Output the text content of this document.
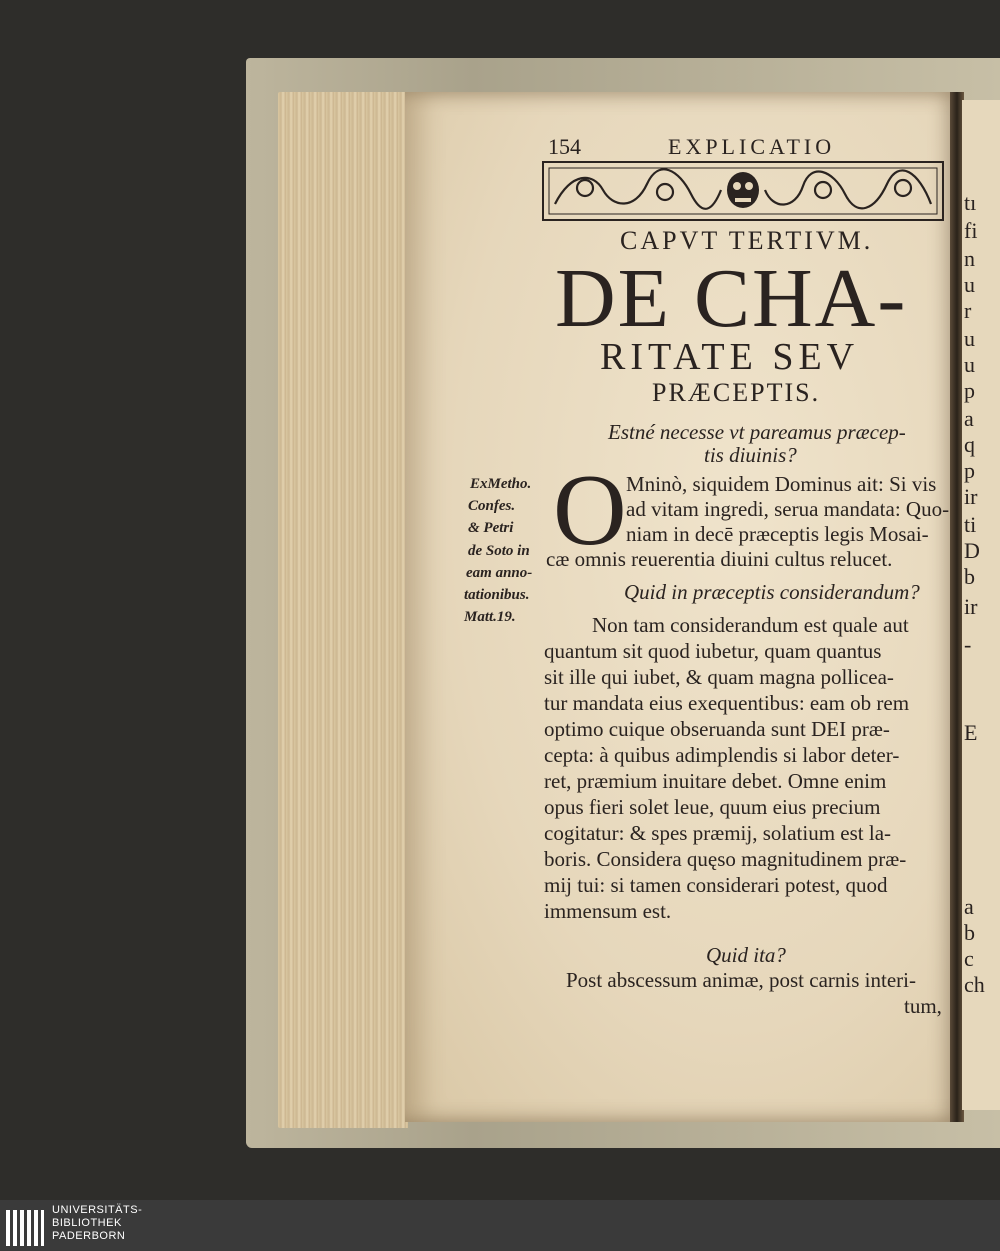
tı
fi
n
u
r
u
u
p
a
q
p
ir
ti
D
b
ir
-
E
a
b
c
ch
154	EXPLICATIO
CAPVT TERTIVM.
DE CHA-
RITATE SEV
PRÆCEPTIS.
Estné necesse vt pareamus præcep-
tis diuinis?
ExMetho.
Confes.
& Petri
de Soto in
eam anno-
tationibus.
Matt.19.
O Mninò, siquidem Dominus ait: Si vis
ad vitam ingredi, serua mandata: Quo-
niam in decē præceptis legis Mosai-
cæ omnis reuerentia diuini cultus relucet.
Quid in præceptis considerandum?
Non tam considerandum est quale aut
quantum sit quod iubetur, quam quantus
sit ille qui iubet, & quam magna pollicea-
tur mandata eius exequentibus: eam ob rem
optimo cuique obseruanda sunt DEI præ-
cepta: à quibus adimplendis si labor deter-
ret, præmium inuitare debet. Omne enim
opus fieri solet leue, quum eius precium
cogitatur: & spes præmij, solatium est la-
boris. Considera quęso magnitudinem præ-
mij tui: si tamen considerari potest, quod
immensum est.
Quid ita?
Post abscessum animæ, post carnis interi-
tum,
UNIVERSITÄTS-
BIBLIOTHEK
PADERBORN
